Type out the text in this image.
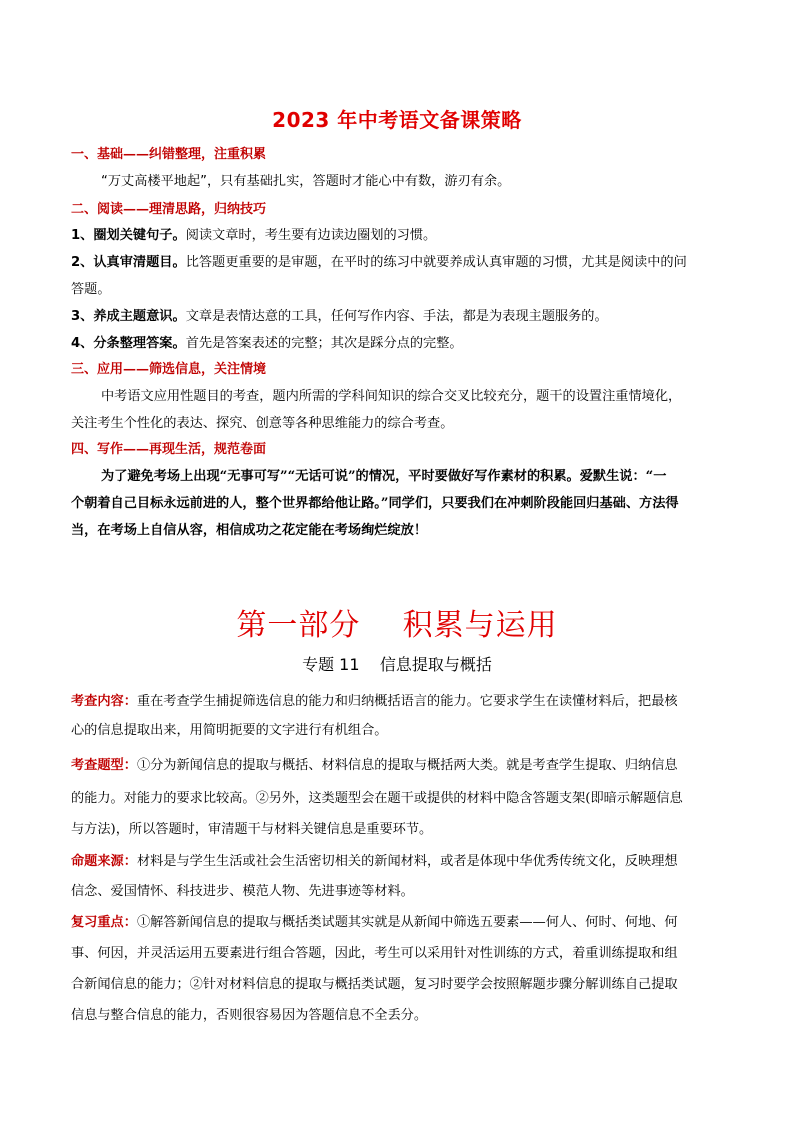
2023 年中考语文备课策略
一、基础——纠错整理，注重积累
“万丈高楼平地起”，只有基础扎实，答题时才能心中有数，游刃有余。
二、阅读——理清思路，归纳技巧
1、圈划关键句子。阅读文章时，考生要有边读边圈划的习惯。
2、认真审清题目。比答题更重要的是审题，在平时的练习中就要养成认真审题的习惯，尤其是阅读中的问
答题。
3、养成主题意识。文章是表情达意的工具，任何写作内容、手法，都是为表现主题服务的。
4、分条整理答案。首先是答案表述的完整；其次是踩分点的完整。
三、应用——筛选信息，关注情境
中考语文应用性题目的考查，题内所需的学科间知识的综合交叉比较充分，题干的设置注重情境化，
关注考生个性化的表达、探究、创意等各种思维能力的综合考查。
四、写作——再现生活，规范卷面
为了避免考场上出现“无事可写”“无话可说”的情况，平时要做好写作素材的积累。爱默生说：“一
个朝着自己目标永远前进的人，整个世界都给他让路。”同学们，只要我们在冲刺阶段能回归基础、方法得
当，在考场上自信从容，相信成功之花定能在考场绚烂绽放！
第一部分    积累与运用
专题 11    信息提取与概括
考查内容：重在考查学生捕捉筛选信息的能力和归纳概括语言的能力。它要求学生在读懂材料后，把最核
心的信息提取出来，用简明扼要的文字进行有机组合。
考查题型：①分为新闻信息的提取与概括、材料信息的提取与概括两大类。就是考查学生提取、归纳信息
的能力。对能力的要求比较高。②另外，这类题型会在题干或提供的材料中隐含答题支架(即暗示解题信息
与方法)，所以答题时，审清题干与材料关键信息是重要环节。
命题来源：材料是与学生生活或社会生活密切相关的新闻材料，或者是体现中华优秀传统文化，反映理想
信念、爱国情怀、科技进步、模范人物、先进事迹等材料。
复习重点：①解答新闻信息的提取与概括类试题其实就是从新闻中筛选五要素——何人、何时、何地、何
事、何因，并灵活运用五要素进行组合答题，因此，考生可以采用针对性训练的方式，着重训练提取和组
合新闻信息的能力；②针对材料信息的提取与概括类试题，复习时要学会按照解题步骤分解训练自己提取
信息与整合信息的能力，否则很容易因为答题信息不全丢分。
